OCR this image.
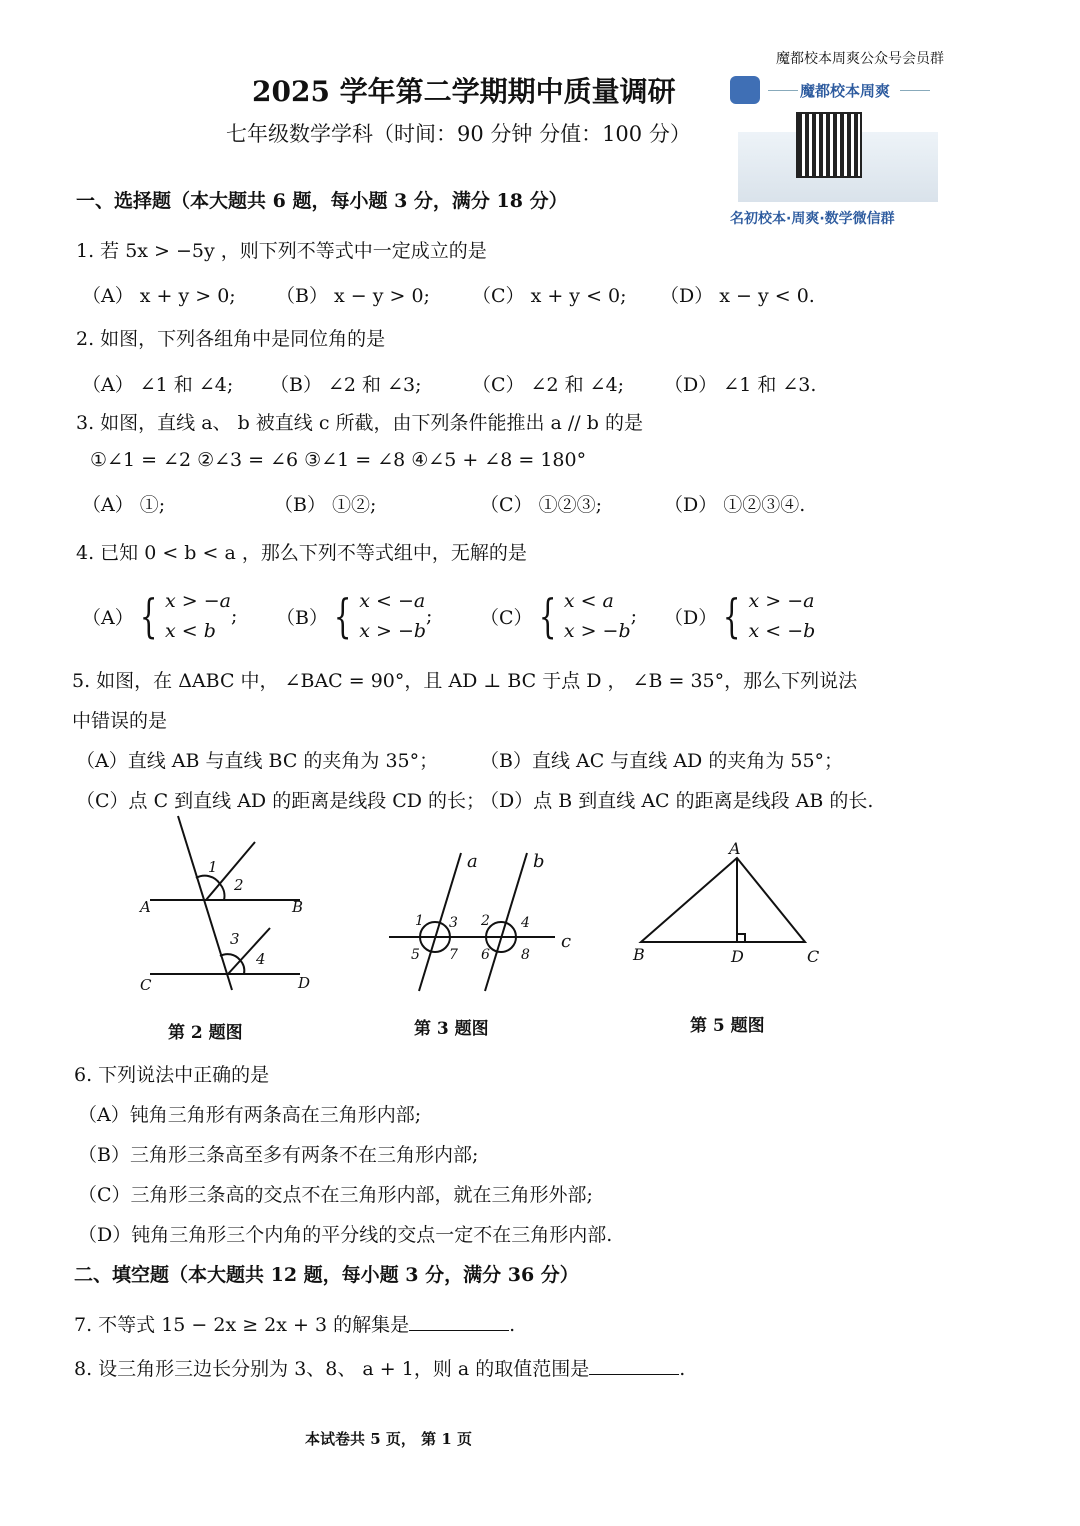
魔都校本周爽公众号会员群
魔都校本周爽
名初校本·周爽·数学微信群
2025 学年第二学期期中质量调研
七年级数学学科（时间：90 分钟 分值：100 分）
一、选择题（本大题共 6 题，每小题 3 分，满分 18 分）
1. 若 5x > −5y ，则下列不等式中一定成立的是
（A） x + y > 0; （B） x − y > 0; （C） x + y < 0; （D） x − y < 0.
2. 如图，下列各组角中是同位角的是
（A） ∠1 和 ∠4; （B） ∠2 和 ∠3;	（C） ∠2 和 ∠4; （D） ∠1 和 ∠3.
3. 如图，直线 a、 b 被直线 c 所截，由下列条件能推出 a // b 的是
①∠1 = ∠2 ②∠3 = ∠6 ③∠1 = ∠8 ④∠5 + ∠8 = 180°
（A） ①;	（B） ①②;	（C） ①②③;	（D） ①②③④.
4. 已知 0 < b < a ，那么下列不等式组中，无解的是
（A） { x > −a
x < b
; （B） { x < −a
x > −b
;	（C） { x < a
x > −b
; （D） { x > −a
x < −b
5. 如图，在 ΔABC 中， ∠BAC = 90°，且 AD ⊥ BC 于点 D ， ∠B = 35°，那么下列说法
中错误的是
（A）直线 AB 与直线 BC 的夹角为 35°； （B）直线 AC 与直线 AD 的夹角为 55°；
（C）点 C 到直线 AD 的距离是线段 CD 的长；
（D）点 B 到直线 AC 的距离是线段 AB 的长.
A	B
C	D
1
2
3
4
第 2 题图
a	b
c
1	2
3	4
5	6
7	8
第 3 题图
A
B	C
D
第 5 题图
6. 下列说法中正确的是
（A）钝角三角形有两条高在三角形内部;
（B）三角形三条高至多有两条不在三角形内部;
（C）三角形三条高的交点不在三角形内部，就在三角形外部;
（D）钝角三角形三个内角的平分线的交点一定不在三角形内部.
二、填空题（本大题共 12 题，每小题 3 分，满分 36 分）
7. 不等式 15 − 2x ≥ 2x + 3 的解集是	.
8. 设三角形三边长分别为 3、8、 a + 1，则 a 的取值范围是	.
本试卷共 5 页， 第 1 页
